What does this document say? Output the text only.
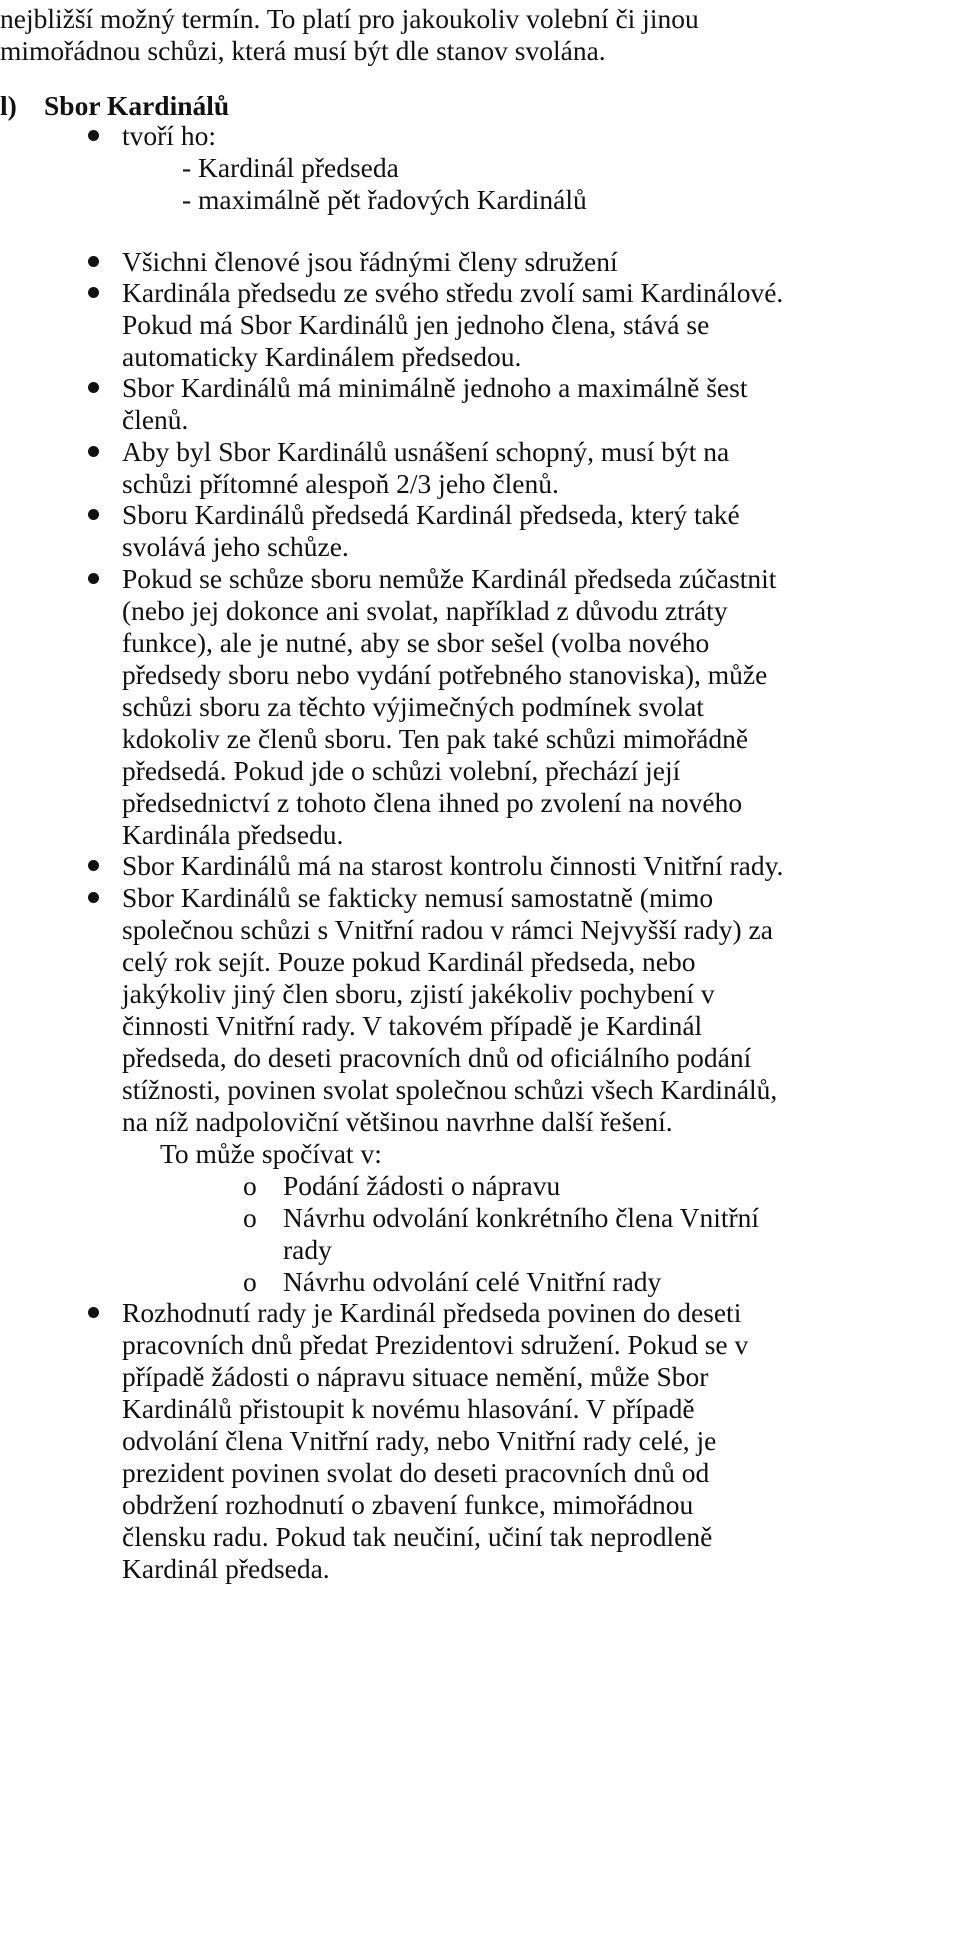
nejbližší možný termín. To platí pro jakoukoliv volební či jinou
mimořádnou schůzi, která musí být dle stanov svolána.
l) Sbor Kardinálů
tvoří ho:
- Kardinál předseda
- maximálně pět řadových Kardinálů
Všichni členové jsou řádnými členy sdružení
Kardinála předsedu ze svého středu zvolí sami Kardinálové.
Pokud má Sbor Kardinálů jen jednoho člena, stává se
automaticky Kardinálem předsedou.
Sbor Kardinálů má minimálně jednoho a maximálně šest
členů.
Aby byl Sbor Kardinálů usnášení schopný, musí být na
schůzi přítomné alespoň 2/3 jeho členů.
Sboru Kardinálů předsedá Kardinál předseda, který také
svolává jeho schůze.
Pokud se schůze sboru nemůže Kardinál předseda zúčastnit
(nebo jej dokonce ani svolat, například z důvodu ztráty
funkce), ale je nutné, aby se sbor sešel (volba nového
předsedy sboru nebo vydání potřebného stanoviska), může
schůzi sboru za těchto výjimečných podmínek svolat
kdokoliv ze členů sboru. Ten pak také schůzi mimořádně
předsedá. Pokud jde o schůzi volební, přechází její
předsednictví z tohoto člena ihned po zvolení na nového
Kardinála předsedu.
Sbor Kardinálů má na starost kontrolu činnosti Vnitřní rady.
Sbor Kardinálů se fakticky nemusí samostatně (mimo
společnou schůzi s Vnitřní radou v rámci Nejvyšší rady) za
celý rok sejít. Pouze pokud Kardinál předseda, nebo
jakýkoliv jiný člen sboru, zjistí jakékoliv pochybení v
činnosti Vnitřní rady. V takovém případě je Kardinál
předseda, do deseti pracovních dnů od oficiálního podání
stížnosti, povinen svolat společnou schůzi všech Kardinálů,
na níž nadpoloviční většinou navrhne další řešení.
To může spočívat v:
o Podání žádosti o nápravu
o Návrhu odvolání konkrétního člena Vnitřní
rady
o Návrhu odvolání celé Vnitřní rady
Rozhodnutí rady je Kardinál předseda povinen do deseti
pracovních dnů předat Prezidentovi sdružení. Pokud se v
případě žádosti o nápravu situace nemění, může Sbor
Kardinálů přistoupit k novému hlasování. V případě
odvolání člena Vnitřní rady, nebo Vnitřní rady celé, je
prezident povinen svolat do deseti pracovních dnů od
obdržení rozhodnutí o zbavení funkce, mimořádnou
člensku radu. Pokud tak neučiní, učiní tak neprodleně
Kardinál předseda.
